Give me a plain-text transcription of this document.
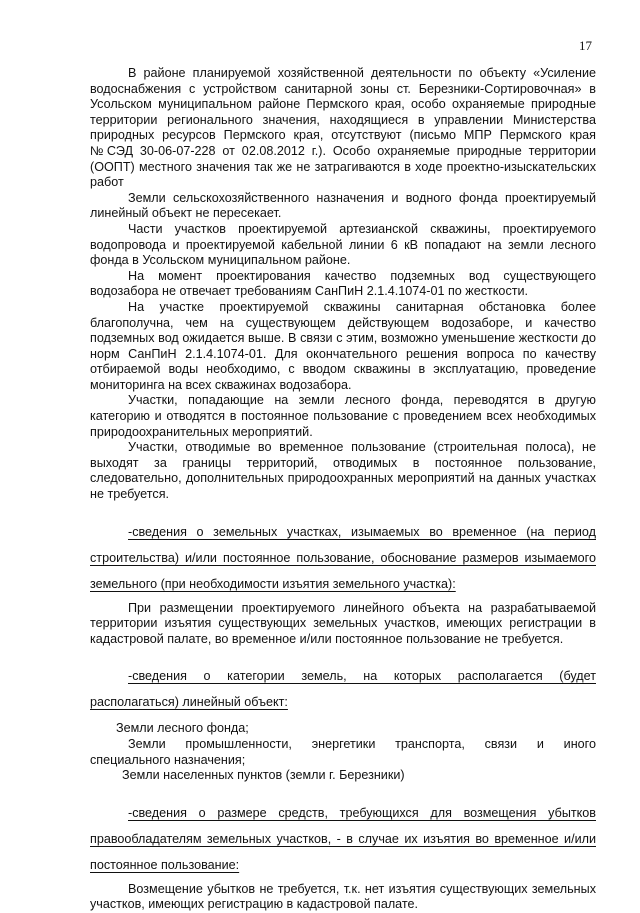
17

В районе планируемой хозяйственной деятельности по объекту «Усиление водоснабжения с устройством санитарной зоны ст. Березники-Сортировочная» в Усольском муниципальном районе Пермского края, особо охраняемые природные территории регионального значения, находящиеся в управлении Министерства природных ресурсов Пермского края, отсутствуют (письмо МПР Пермского края №СЭД 30-06-07-228 от 02.08.2012 г.). Особо охраняемые природные территории (ООПТ) местного значения так же не затрагиваются в ходе проектно-изыскательских работ

Земли сельскохозяйственного назначения и водного фонда проектируемый линейный объект не пересекает.

Части участков проектируемой артезианской скважины, проектируемого водопровода и проектируемой кабельной линии 6 кВ попадают на земли лесного фонда в Усольском муниципальном районе.

На момент проектирования качество подземных вод существующего водозабора не отвечает требованиям СанПиН 2.1.4.1074-01 по жесткости.

На участке проектируемой скважины санитарная обстановка более благополучна, чем на существующем действующем водозаборе, и качество подземных вод ожидается выше. В связи с этим, возможно уменьшение жесткости до норм СанПиН 2.1.4.1074-01. Для окончательного решения вопроса по качеству отбираемой воды необходимо, с вводом скважины в эксплуатацию, проведение мониторинга на всех скважинах водозабора.

Участки, попадающие на земли лесного фонда, переводятся в другую категорию и отводятся в постоянное пользование с проведением всех необходимых природоохранительных мероприятий.

Участки, отводимые во временное пользование (строительная полоса), не выходят за границы территорий, отводимых в постоянное пользование, следовательно, дополнительных природоохранных мероприятий на данных участках не требуется.

-сведения о земельных участках, изымаемых во временное (на период строительства) и/или постоянное пользование, обоснование размеров изымаемого земельного (при необходимости изъятия земельного участка):

При размещении проектируемого линейного объекта на разрабатываемой территории изъятия существующих земельных участков, имеющих регистрации в кадастровой палате, во временное и/или постоянное пользование не требуется.

-сведения о категории земель, на которых располагается (будет располагаться) линейный объект:

Земли лесного фонда;

Земли промышленности, энергетики транспорта, связи и иного

специального назначения;

Земли населенных пунктов (земли г. Березники)

-сведения о размере средств, требующихся для возмещения убытков правообладателям земельных участков, - в случае их изъятия во временное и/или постоянное пользование:

Возмещение убытков не требуется, т.к. нет изъятия существующих земельных участков, имеющих регистрацию в кадастровой палате.
